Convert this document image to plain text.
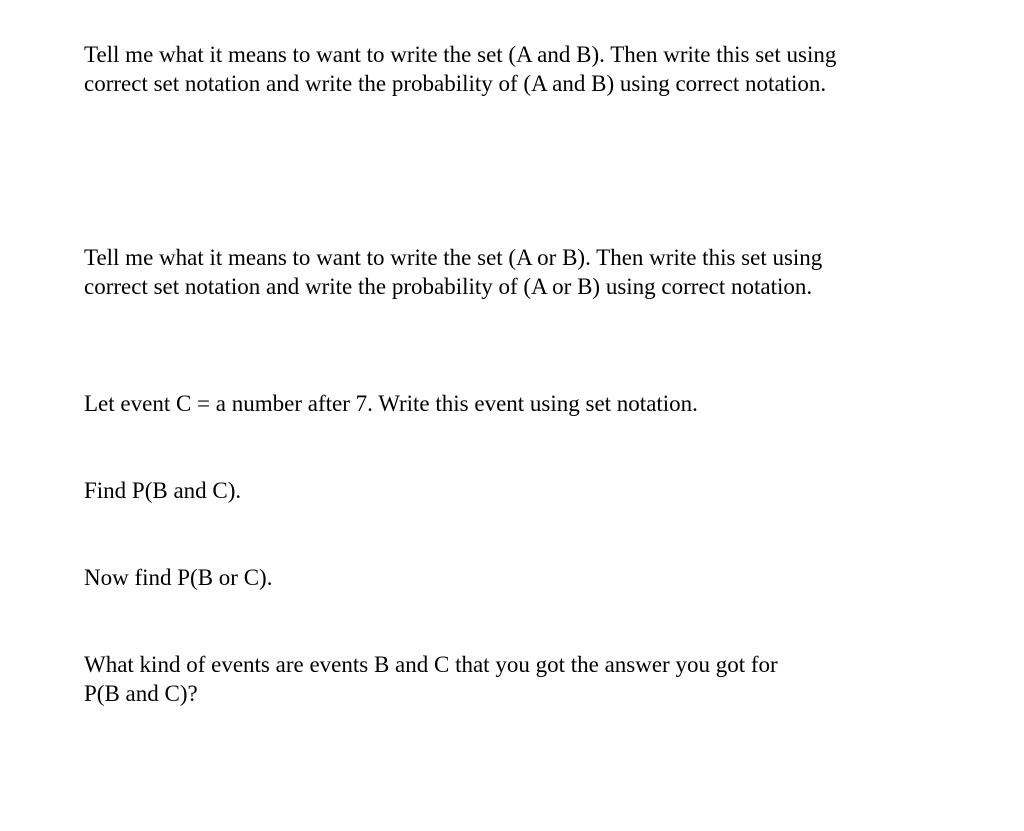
Tell me what it means to want to write the set (A and B). Then write this set using
correct set notation and write the probability of (A and B) using correct notation.

Tell me what it means to want to write the set (A or B). Then write this set using
correct set notation and write the probability of (A or B) using correct notation.

Let event C = a number after 7. Write this event using set notation.

Find P(B and C).

Now find P(B or C).

What kind of events are events B and C that you got the answer you got for
P(B and C)?
